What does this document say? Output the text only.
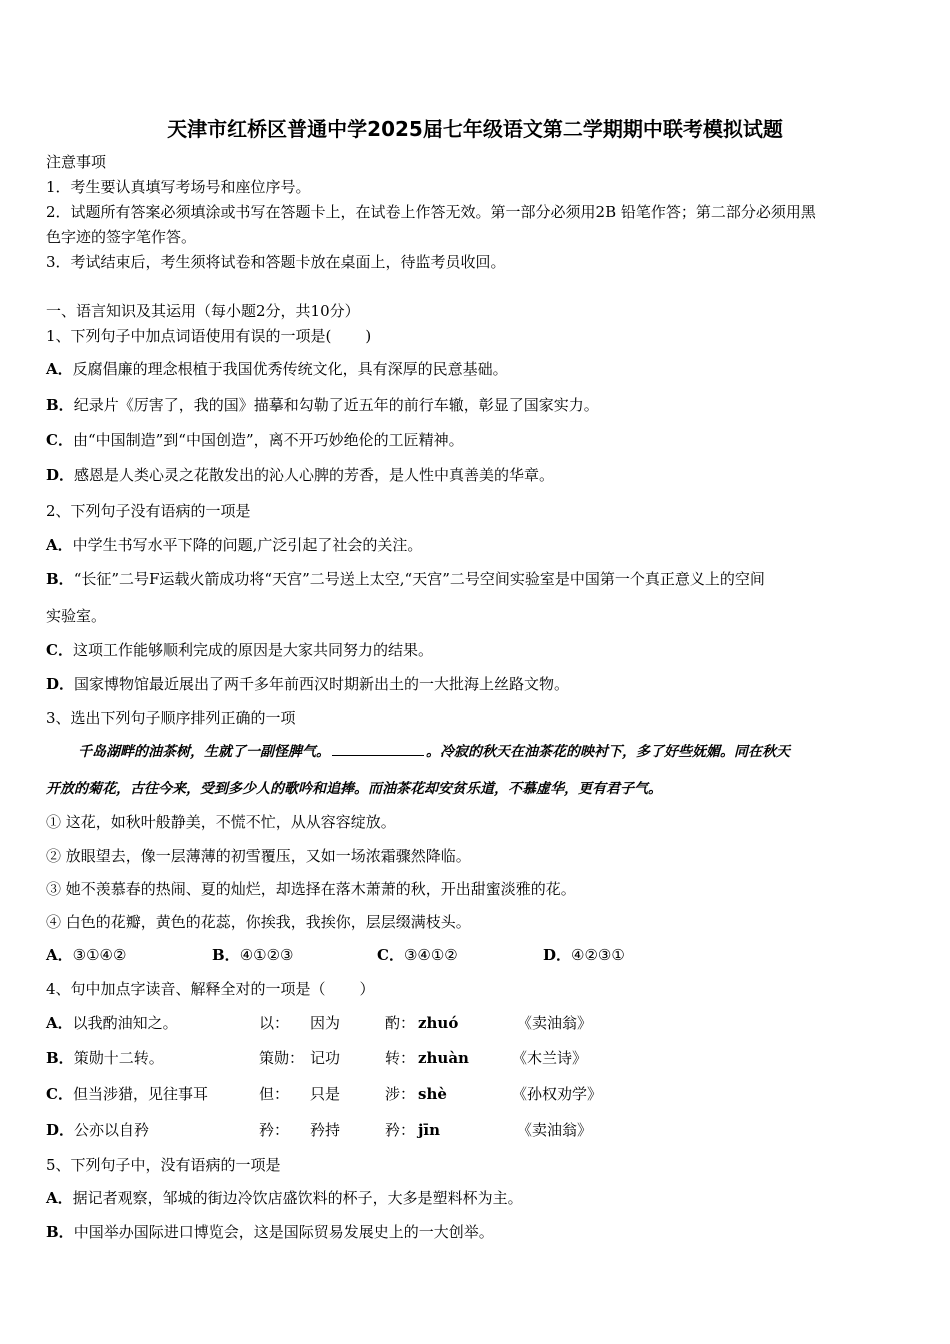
天津市红桥区普通中学2025届七年级语文第二学期期中联考模拟试题
注意事项
1．考生要认真填写考场号和座位序号。
2．试题所有答案必须填涂或书写在答题卡上，在试卷上作答无效。第一部分必须用2B 铅笔作答；第二部分必须用黑
色字迹的签字笔作答。
3．考试结束后，考生须将试卷和答题卡放在桌面上，待监考员收回。
一、语言知识及其运用（每小题2分，共10分）
1、下列句子中加点词语使用有误的一项是( )
A．反腐倡廉的理念根植于我国优秀传统文化，具有深厚的民意基础。
B．纪录片《厉害了，我的国》描摹和勾勒了近五年的前行车辙，彰显了国家实力。
C．由“中国制造”到“中国创造”，离不开巧妙绝伦的工匠精神。
D．感恩是人类心灵之花散发出的沁人心脾的芳香，是人性中真善美的华章。
2、下列句子没有语病的一项是
A．中学生书写水平下降的问题,广泛引起了社会的关注。
B．“长征”二号F运载火箭成功将“天宫”二号送上太空,“天宫”二号空间实验室是中国第一个真正意义上的空间
实验室。
C．这项工作能够顺利完成的原因是大家共同努力的结果。
D．国家博物馆最近展出了两千多年前西汉时期新出土的一大批海上丝路文物。
3、选出下列句子顺序排列正确的一项
千岛湖畔的油茶树，生就了一副怪脾气。	。冷寂的秋天在油茶花的映衬下，多了好些妩媚。同在秋天
开放的菊花，古往今来，受到多少人的歌吟和追捧。而油茶花却安贫乐道，不慕虚华，更有君子气。
① 这花，如秋叶般静美，不慌不忙，从从容容绽放。
② 放眼望去，像一层薄薄的初雪覆压，又如一场浓霜骤然降临。
③ 她不羡慕春的热闹、夏的灿烂，却选择在落木萧萧的秋，开出甜蜜淡雅的花。
④ 白色的花瓣，黄色的花蕊，你挨我，我挨你，层层缀满枝头。
A．③①④②	B．④①②③	C．③④①②	D．④②③①
4、句中加点字读音、解释全对的一项是（ ）
A．以我酌油知之。	以： 因为	酌： zhuó	《卖油翁》
B．策勋十二转。	策勋： 记功	转： zhuàn	《木兰诗》
C．但当涉猎，见往事耳	但： 只是	涉： shè	《孙权劝学》
D．公亦以自矜	矜： 矜持	矜： jīn	《卖油翁》
5、下列句子中，没有语病的一项是
A．据记者观察，邹城的街边冷饮店盛饮料的杯子，大多是塑料杯为主。
B．中国举办国际进口博览会，这是国际贸易发展史上的一大创举。
